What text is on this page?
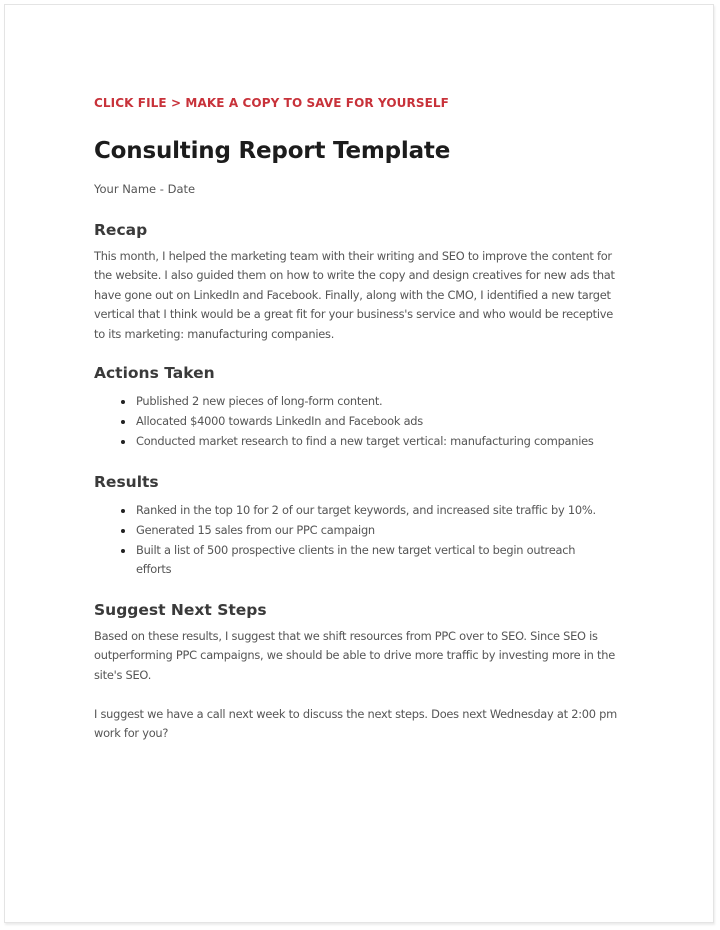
CLICK FILE > MAKE A COPY TO SAVE FOR YOURSELF
Consulting Report Template
Your Name - Date
Recap
This month, I helped the marketing team with their writing and SEO to improve the content for
the website. I also guided them on how to write the copy and design creatives for new ads that
have gone out on LinkedIn and Facebook. Finally, along with the CMO, I identified a new target
vertical that I think would be a great fit for your business's service and who would be receptive
to its marketing: manufacturing companies.
Actions Taken
Published 2 new pieces of long-form content.
Allocated $4000 towards LinkedIn and Facebook ads
Conducted market research to find a new target vertical: manufacturing companies
Results
Ranked in the top 10 for 2 of our target keywords, and increased site traffic by 10%.
Generated 15 sales from our PPC campaign
Built a list of 500 prospective clients in the new target vertical to begin outreach
efforts
Suggest Next Steps
Based on these results, I suggest that we shift resources from PPC over to SEO. Since SEO is
outperforming PPC campaigns, we should be able to drive more traffic by investing more in the
site's SEO.
I suggest we have a call next week to discuss the next steps. Does next Wednesday at 2:00 pm
work for you?
